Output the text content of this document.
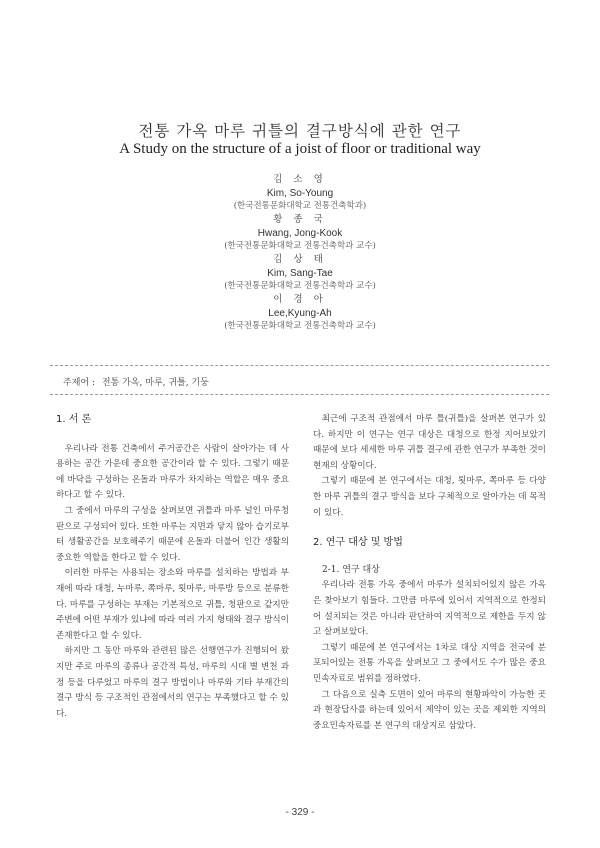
전통 가옥 마루 귀틀의 결구방식에 관한 연구
A Study on the structure of a joist of floor or traditional way
김 소 영
Kim, So-Young
(한국전통문화대학교 전통건축학과)
황 종 국
Hwang, Jong-Kook
(한국전통문화대학교 전통건축학과 교수)
김 상 태
Kim, Sang-Tae
(한국전통문화대학교 전통건축학과 교수)
이 경 아
Lee,Kyung-Ah
(한국전통문화대학교 전통건축학과 교수)
주제어 : 전통 가옥, 마루, 귀틀, 기둥

1. 서 론

우리나라 전통 건축에서 주거공간은 사람이 살아가는 데 사용하는 공간 가운데 중요한 공간이라 할 수 있다. 그렇기 때문에 바닥을 구성하는 온돌과 마루가 차지하는 역할은 매우 중요하다고 할 수 있다.

그 중에서 마루의 구성을 살펴보면 귀틀과 마루 널인 마루청판으로 구성되어 있다. 또한 마루는 지면과 닿지 않아 습기로부터 생활공간을 보호해주기 때문에 온돌과 더불어 인간 생활의 중요한 역할을 한다고 할 수 있다.

이러한 마루는 사용되는 장소와 마루를 설치하는 방법과 부재에 따라 대청, 누마루, 쪽마루, 툇마루, 마루방 등으로 분류한다. 마루를 구성하는 부재는 기본적으로 귀틀, 청판으로 같지만 주변에 어떤 부재가 있냐에 따라 여러 가지 형태와 결구 방식이 존재한다고 할 수 있다.

하지만 그 동안 마루와 관련된 많은 선행연구가 진행되어 왔지만 주로 마루의 종류나 공간적 특성, 마루의 시대 별 변천 과정 등을 다루었고 마루의 결구 방법이나 마루와 기타 부재간의 결구 방식 등 구조적인 관점에서의 연구는 부족했다고 할 수 있다.

최근에 구조적 관점에서 마루 틀(귀틀)을 살펴본 연구가 있다. 하지만 이 연구는 연구 대상은 대청으로 한정 지어보았기 때문에 보다 세세한 마루 귀틀 결구에 관한 연구가 부족한 것이 현재의 상황이다.

그렇기 때문에 본 연구에서는 대청, 툇마루, 쪽마루 등 다양한 마루 귀틀의 결구 방식을 보다 구체적으로 알아가는 데 목적이 있다.

2. 연구 대상 및 방법

2-1. 연구 대상

우리나라 전통 가옥 중에서 마루가 설치되어있지 않은 가옥은 찾아보기 힘들다. 그만큼 마루에 있어서 지역적으로 한정되어 설치되는 것은 아니라 판단하여 지역적으로 제한을 두지 않고 살펴보았다.

그렇기 때문에 본 연구에서는 1차로 대상 지역을 전국에 분포되어있는 전통 가옥을 살펴보고 그 중에서도 수가 많은 중요민속자료로 범위를 정하였다.

그 다음으로 실측 도면이 있어 마루의 현황파악이 가능한 곳과 현장답사를 하는데 있어서 제약이 있는 곳을 제외한 지역의 중요민속자료를 본 연구의 대상지로 삼았다.

- 329 -
